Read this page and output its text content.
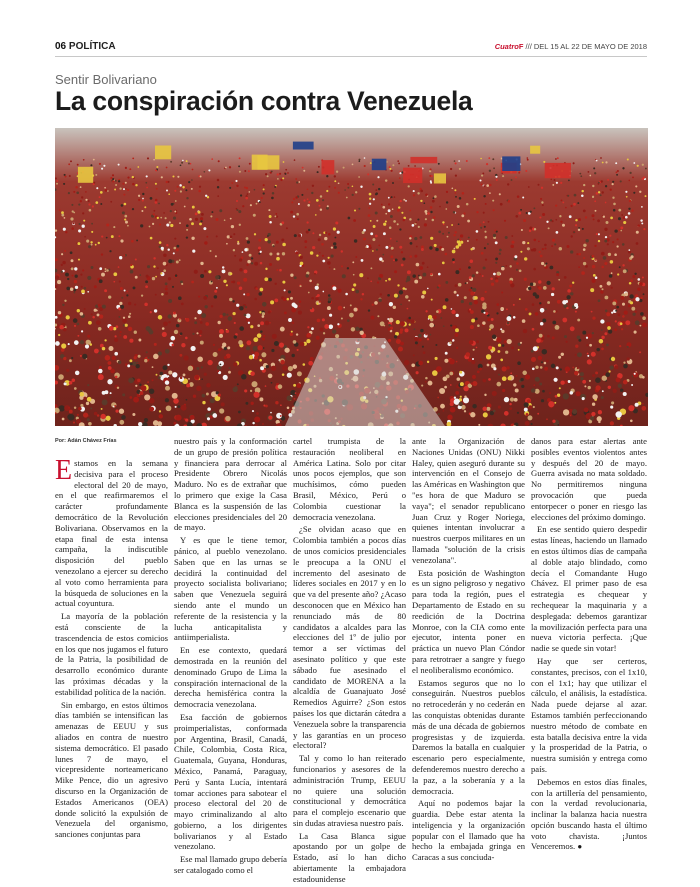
06 POLÍTICA	CuatroF /// DEL 15 AL 22 DE MAYO DE 2018
Sentir Bolivariano
La conspiración contra Venezuela
Por: Adán Chávez Frías

Estamos en la semana decisiva para el proceso electoral del 20 de mayo, en el que reafirmaremos el carácter profundamente democrático de la Revolución Bolivariana. Observamos en la etapa final de esta intensa campaña, la indiscutible disposición del pueblo venezolano a ejercer su derecho al voto como herramienta para la búsqueda de soluciones en la actual coyuntura.

La mayoría de la población está consciente de la trascendencia de estos comicios en los que nos jugamos el futuro de la Patria, la posibilidad de desarrollo económico durante las próximas décadas y la estabilidad política de la nación.

Sin embargo, en estos últimos días también se intensifican las amenazas de EEUU y sus aliados en contra de nuestro sistema democrático. El pasado lunes 7 de mayo, el vicepresidente norteamericano Mike Pence, dio un agresivo discurso en la Organización de Estados Americanos (OEA) donde solicitó la expulsión de Venezuela del organismo, sanciones conjuntas para

nuestro país y la conformación de un grupo de presión política y financiera para derrocar al Presidente Obrero Nicolás Maduro. No es de extrañar que lo primero que exige la Casa Blanca es la suspensión de las elecciones presidenciales del 20 de mayo.

Y es que le tiene temor, pánico, al pueblo venezolano. Saben que en las urnas se decidirá la continuidad del proyecto socialista bolivariano; saben que Venezuela seguirá siendo ante el mundo un referente de la resistencia y la lucha anticapitalista y antiimperialista.

En ese contexto, quedará demostrada en la reunión del denominado Grupo de Lima la conspiración internacional de la derecha hemisférica contra la democracia venezolana.

Esa facción de gobiernos proimperialistas, conformada por Argentina, Brasil, Canadá, Chile, Colombia, Costa Rica, Guatemala, Guyana, Honduras, México, Panamá, Paraguay, Perú y Santa Lucía, intentará tomar acciones para sabotear el proceso electoral del 20 de mayo criminalizando al alto gobierno, a los dirigentes bolivarianos y al Estado venezolano.

Ese mal llamado grupo debería ser catalogado como el

cartel trumpista de la restauración neoliberal en América Latina. Solo por citar unos pocos ejemplos, que son muchísimos, cómo pueden Brasil, México, Perú o Colombia cuestionar la democracia venezolana.

¿Se olvidan acaso que en Colombia también a pocos días de unos comicios presidenciales le preocupa a la ONU el incremento del asesinato de líderes sociales en 2017 y en lo que va del presente año? ¿Acaso desconocen que en México han renunciado más de 80 candidatos a alcaldes para las elecciones del 1º de julio por temor a ser víctimas del asesinato político y que este sábado fue asesinado el candidato de MORENA a la alcaldía de Guanajuato José Remedios Aguirre? ¿Son estos países los que dictarán cátedra a Venezuela sobre la transparencia y las garantías en un proceso electoral?

Tal y como lo han reiterado funcionarios y asesores de la administración Trump, EEUU no quiere una solución constitucional y democrática para el complejo escenario que sin dudas atraviesa nuestro país.

La Casa Blanca sigue apostando por un golpe de Estado, así lo han dicho abiertamente la embajadora estadounidense

ante la Organización de Naciones Unidas (ONU) Nikki Haley, quien aseguró durante su intervención en el Consejo de las Américas en Washington que "es hora de que Maduro se vaya"; el senador republicano Juan Cruz y Roger Noriega, quienes intentan involucrar a nuestros cuerpos militares en un llamada "solución de la crisis venezolana".

Esta posición de Washington es un signo peligroso y negativo para toda la región, pues el Departamento de Estado en su reedición de la Doctrina Monroe, con la CIA como ente ejecutor, intenta poner en práctica un nuevo Plan Cóndor para retrotraer a sangre y fuego el neoliberalismo económico.

Estamos seguros que no lo conseguirán. Nuestros pueblos no retrocederán y no cederán en las conquistas obtenidas durante más de una década de gobiernos progresistas y de izquierda. Daremos la batalla en cualquier escenario pero especialmente, defenderemos nuestro derecho a la paz, a la soberanía y a la democracia.

Aquí no podemos bajar la guardia. Debe estar atenta la inteligencia y la organización popular con el llamado que ha hecho la embajada gringa en Caracas a sus conciuda-

danos para estar alertas ante posibles eventos violentos antes y después del 20 de mayo. Guerra avisada no mata soldado. No permitiremos ninguna provocación que pueda entorpecer o poner en riesgo las elecciones del próximo domingo.

En ese sentido quiero despedir estas líneas, haciendo un llamado en estos últimos días de campaña al doble atajo blindado, como decía el Comandante Hugo Chávez. El primer paso de esa estrategia es chequear y rechequear la maquinaria y a desplegada: debemos garantizar la movilización perfecta para una nueva victoria perfecta. ¡Que nadie se quede sin votar!

Hay que ser certeros, constantes, precisos, con el 1x10, con el 1x1; hay que utilizar el cálculo, el análisis, la estadística. Nada puede dejarse al azar. Estamos también perfeccionando nuestro método de combate en esta batalla decisiva entre la vida y la prosperidad de la Patria, o nuestra sumisión y entrega como país.

Debemos en estos días finales, con la artillería del pensamiento, con la verdad revolucionaria, inclinar la balanza hacia nuestra opción buscando hasta el último voto chavista. ¡Juntos Venceremos. ●
